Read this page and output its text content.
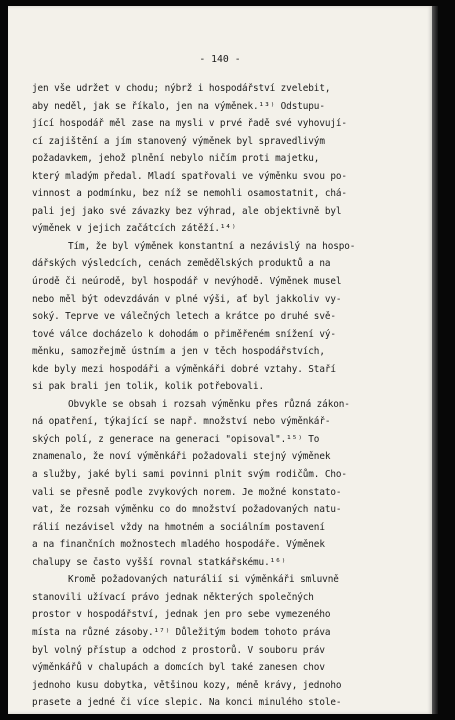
- 140 -
jen vše udržet v chodu; nýbrž i hospodářství zvelebit,
aby neděl, jak se říkalo, jen na výměnek.¹³⁾ Odstupu-
jící hospodář měl zase na mysli v prvé řadě své vyhovují-
cí zajištění a jím stanovený výměnek byl spravedlivým
požadavkem, jehož plnění nebylo ničím proti majetku,
který mladým předal. Mladí spatřovali ve výměnku svou po-
vinnost a podmínku, bez níž se nemohli osamostatnit, chá-
pali jej jako své závazky bez výhrad, ale objektivně byl
výměnek v jejich začátcích zátěží.¹⁴⁾
Tím, že byl výměnek konstantní a nezávislý na hospo-
dářských výsledcích, cenách zemědělských produktů a na
úrodě či neúrodě, byl hospodář v nevýhodě. Výměnek musel
nebo měl být odevzdáván v plné výši, ať byl jakkoliv vy-
soký. Teprve ve válečných letech a krátce po druhé svě-
tové válce docházelo k dohodám o přiměřeném snížení vý-
měnku, samozřejmě ústním a jen v těch hospodářstvích,
kde byly mezi hospodáři a výměnkáři dobré vztahy. Staří
si pak brali jen tolik, kolik potřebovali.
Obvykle se obsah i rozsah výměnku přes různá zákon-
ná opatření, týkající se např. množství nebo výměnkář-
ských polí, z generace na generaci "opisoval".¹⁵⁾ To
znamenalo, že noví výměnkáři požadovali stejný výměnek
a služby, jaké byli sami povinni plnit svým rodičům. Cho-
vali se přesně podle zvykových norem. Je možné konstato-
vat, že rozsah výměnku co do množství požadovaných natu-
rálií nezávisel vždy na hmotném a sociálním postavení
a na finančních možnostech mladého hospodáře. Výměnek
chalupy se často vyšší rovnal statkářskému.¹⁶⁾
Kromě požadovaných naturálií si výměnkáři smluvně
stanovili užívací právo jednak některých společných
prostor v hospodářství, jednak jen pro sebe vymezeného
místa na různé zásoby.¹⁷⁾ Důležitým bodem tohoto práva
byl volný přístup a odchod z prostorů. V souboru práv
výměnkářů v chalupách a domcích byl také zanesen chov
jednoho kusu dobytka, většinou kozy, méně krávy, jednoho
prasete a jedné či více slepic. Na konci minulého stole-
